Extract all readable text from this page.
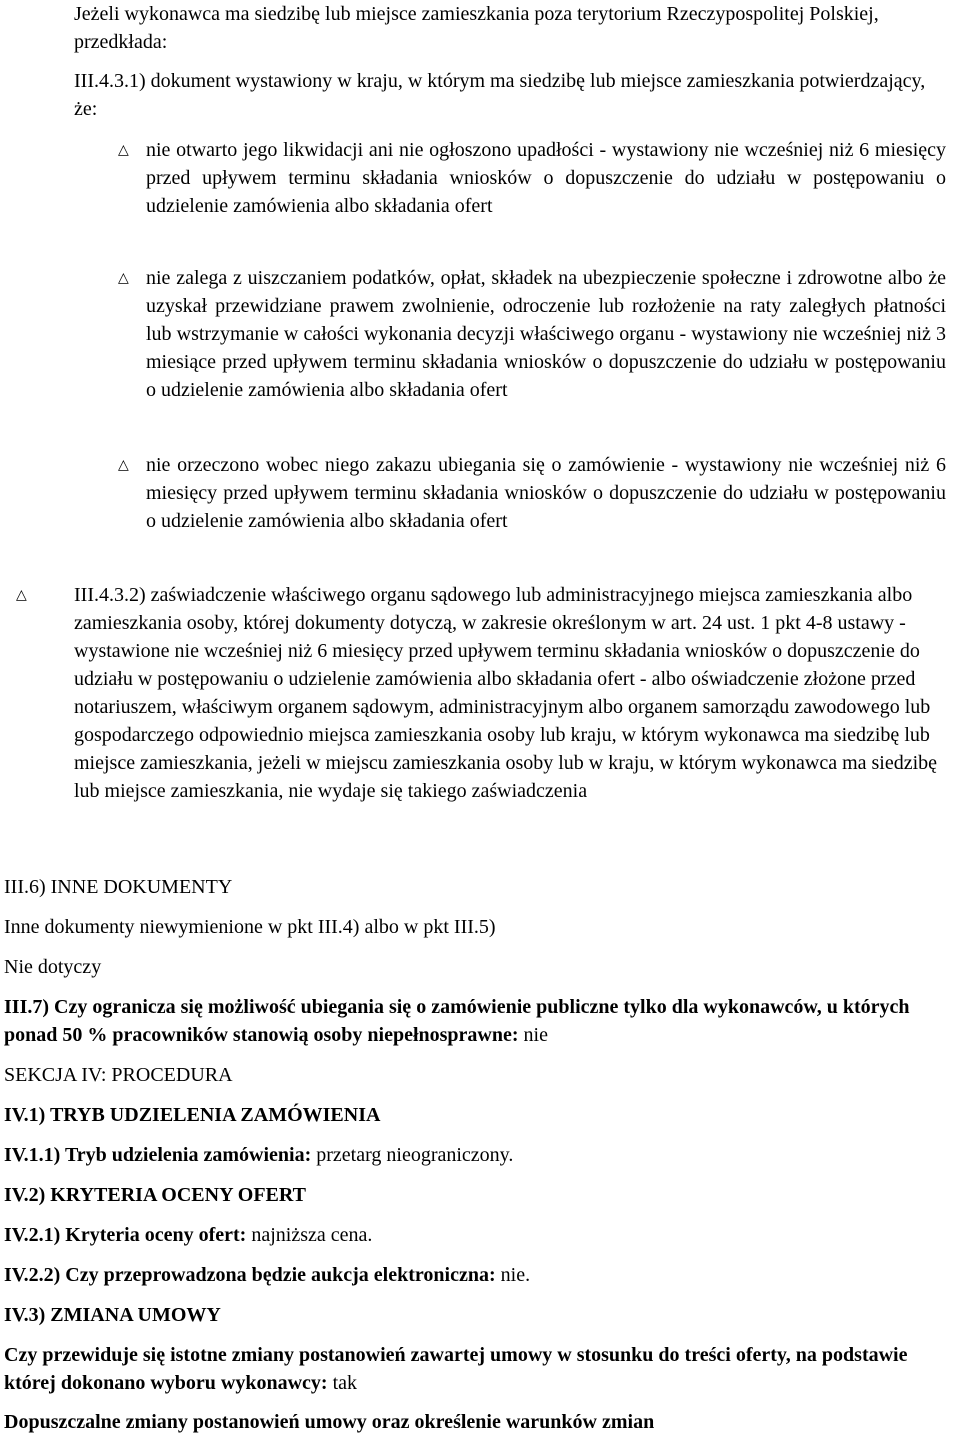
Jeżeli wykonawca ma siedzibę lub miejsce zamieszkania poza terytorium Rzeczypospolitej Polskiej, przedkłada:

III.4.3.1) dokument wystawiony w kraju, w którym ma siedzibę lub miejsce zamieszkania potwierdzający, że:

△ nie otwarto jego likwidacji ani nie ogłoszono upadłości - wystawiony nie wcześniej niż 6 miesięcy przed upływem terminu składania wniosków o dopuszczenie do udziału w postępowaniu o udzielenie zamówienia albo składania ofert

△ nie zalega z uiszczaniem podatków, opłat, składek na ubezpieczenie społeczne i zdrowotne albo że uzyskał przewidziane prawem zwolnienie, odroczenie lub rozłożenie na raty zaległych płatności lub wstrzymanie w całości wykonania decyzji właściwego organu - wystawiony nie wcześniej niż 3 miesiące przed upływem terminu składania wniosków o dopuszczenie do udziału w postępowaniu o udzielenie zamówienia albo składania ofert

△ nie orzeczono wobec niego zakazu ubiegania się o zamówienie - wystawiony nie wcześniej niż 6 miesięcy przed upływem terminu składania wniosków o dopuszczenie do udziału w postępowaniu o udzielenie zamówienia albo składania ofert

△ III.4.3.2) zaświadczenie właściwego organu sądowego lub administracyjnego miejsca zamieszkania albo zamieszkania osoby, której dokumenty dotyczą, w zakresie określonym w art. 24 ust. 1 pkt 4-8 ustawy - wystawione nie wcześniej niż 6 miesięcy przed upływem terminu składania wniosków o dopuszczenie do udziału w postępowaniu o udzielenie zamówienia albo składania ofert - albo oświadczenie złożone przed notariuszem, właściwym organem sądowym, administracyjnym albo organem samorządu zawodowego lub gospodarczego odpowiednio miejsca zamieszkania osoby lub kraju, w którym wykonawca ma siedzibę lub miejsce zamieszkania, jeżeli w miejscu zamieszkania osoby lub w kraju, w którym wykonawca ma siedzibę lub miejsce zamieszkania, nie wydaje się takiego zaświadczenia

III.6) INNE DOKUMENTY

Inne dokumenty niewymienione w pkt III.4) albo w pkt III.5)

Nie dotyczy

III.7) Czy ogranicza się możliwość ubiegania się o zamówienie publiczne tylko dla wykonawców, u których ponad 50 % pracowników stanowią osoby niepełnosprawne: nie

SEKCJA IV: PROCEDURA

IV.1) TRYB UDZIELENIA ZAMÓWIENIA

IV.1.1) Tryb udzielenia zamówienia: przetarg nieograniczony.

IV.2) KRYTERIA OCENY OFERT

IV.2.1) Kryteria oceny ofert: najniższa cena.

IV.2.2) Czy przeprowadzona będzie aukcja elektroniczna: nie.

IV.3) ZMIANA UMOWY

Czy przewiduje się istotne zmiany postanowień zawartej umowy w stosunku do treści oferty, na podstawie której dokonano wyboru wykonawcy: tak

Dopuszczalne zmiany postanowień umowy oraz określenie warunków zmian
